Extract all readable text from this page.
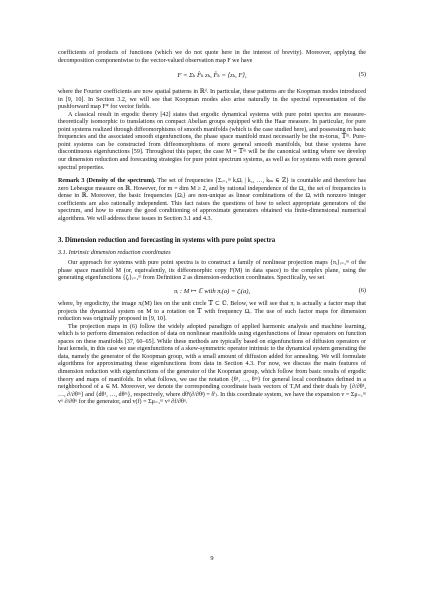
coefficients of products of functions (which we do not quote here in the interest of brevity). Moreover, applying the decomposition componentwise to the vector-valued observation map F we have

F = Σₖ F̂ₖ zₖ, F̂ₖ = ⟨zₖ, F⟩,	(5)

where the Fourier coefficients are now spatial patterns in ℝᵈ. In particular, these patterns are the Koopman modes introduced in [9, 10]. In Section 3.2, we will see that Koopman modes also arise naturally in the spectral representation of the pushforward map F* for vector fields.

A classical result in ergodic theory [42] states that ergodic dynamical systems with pure point spectra are measure-theoretically isomorphic to translations on compact Abelian groups equipped with the Haar measure. In particular, for pure point systems realized through diffeomorphisms of smooth manifolds (which is the case studied here), and possessing m basic frequencies and the associated smooth eigenfunctions, the phase space manifold must necessarily be the m-torus, 𝕋ᵐ. Pure-point systems can be constructed from diffeomorphisms of more general smooth manifolds, but these systems have discontinuous eigenfunctions [59]. Throughout this paper, the case M = 𝕋ᵐ will be the canonical setting where we develop our dimension reduction and forecasting strategies for pure point spectrum systems, as well as for systems with more general spectral properties.

Remark 3 (Density of the spectrum). The set of frequencies {Σᵢ₌₁ᵐ kᵢΩᵢ | k₁, …, kₘ ∈ ℤ} is countable and therefore has zero Lebesgue measure on ℝ. However, for m = dim M ≥ 2, and by rational independence of the Ωᵢ, the set of frequencies is dense in ℝ. Moreover, the basic frequencies {Ωᵢ} are non-unique as linear combinations of the Ωᵢ with nonzero integer coefficients are also rationally independent. This fact raises the questions of how to select appropriate generators of the spectrum, and how to ensure the good conditioning of approximate generators obtained via finite-dimensional numerical algorithms. We will address these issues in Section 3.1 and 4.3.

3. Dimension reduction and forecasting in systems with pure point spectra
3.1. Intrinsic dimension reduction coordinates

Our approach for systems with pure point spectra is to construct a family of nonlinear projection maps {πᵢ}ᵢ₌₁ᵐ of the phase space manifold M (or, equivalently, its diffeomorphic copy F(M) in data space) to the complex plane, using the generating eigenfunctions {ζᵢ}ᵢ₌₁ᵐ from Definition 2 as dimension-reduction coordinates. Specifically, we set

πᵢ : M ↦ ℂ with πᵢ(a) = ζᵢ(a),	(6)

where, by ergodicity, the image πᵢ(M) lies on the unit circle 𝕋 ⊂ ℂ. Below, we will see that πᵢ is actually a factor map that projects the dynamical system on M to a rotation on 𝕋 with frequency Ωᵢ. The use of such factor maps for dimension reduction was originally proposed in [9, 10].

The projection maps in (6) follow the widely adopted paradigm of applied harmonic analysis and machine learning, which is to perform dimension reduction of data on nonlinear manifolds using eigenfunctions of linear operators on function spaces on these manifolds [37, 60–65]. While these methods are typically based on eigenfunctions of diffusion operators or heat kernels, in this case we use eigenfunctions of a skew-symmetric operator intrinsic to the dynamical system generating the data, namely the generator of the Koopman group, with a small amount of diffusion added for annealing. We will formulate algorithms for approximating these eigenfunctions from data in Section 4.3. For now, we discuss the main features of dimension reduction with eigenfunctions of the generator of the Koopman group, which follow from basic results of ergodic theory and maps of manifolds. In what follows, we use the notation {θ¹, …, θᵐ} for general local coordinates defined in a neighborhood of a ∈ M. Moreover, we denote the corresponding coordinate basis vectors of TₐM and their duals by {∂/∂θ¹, …, ∂/∂θᵐ} and {dθ¹, …, dθᵐ}, respectively, where dθⁱ(∂/∂θʲ) = δⁱⱼ. In this coordinate system, we have the expansion v = Σμ₌₁ᵐ vᵘ ∂/∂θᵘ for the generator, and v(f) = Σμ₌₁ᵐ vᵘ ∂f/∂θᵘ.

9
